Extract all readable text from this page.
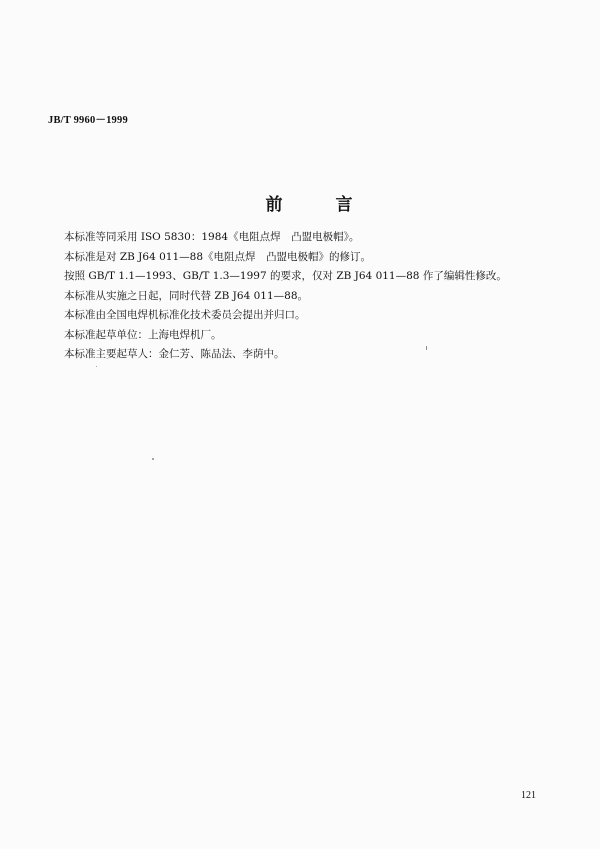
JB/T 9960－1999
前　言

本标准等同采用 ISO 5830：1984《电阻点焊　凸盟电极帽》。

本标准是对 ZB J64 011—88《电阻点焊　凸盟电极帽》的修订。

按照 GB/T 1.1—1993、GB/T 1.3—1997 的要求，仅对 ZB J64 011—88 作了编辑性修改。

本标准从实施之日起，同时代替 ZB J64 011—88。

本标准由全国电焊机标准化技术委员会提出并归口。

本标准起草单位：上海电焊机厂。

本标准主要起草人：金仁芳、陈品法、李荫中。

121
